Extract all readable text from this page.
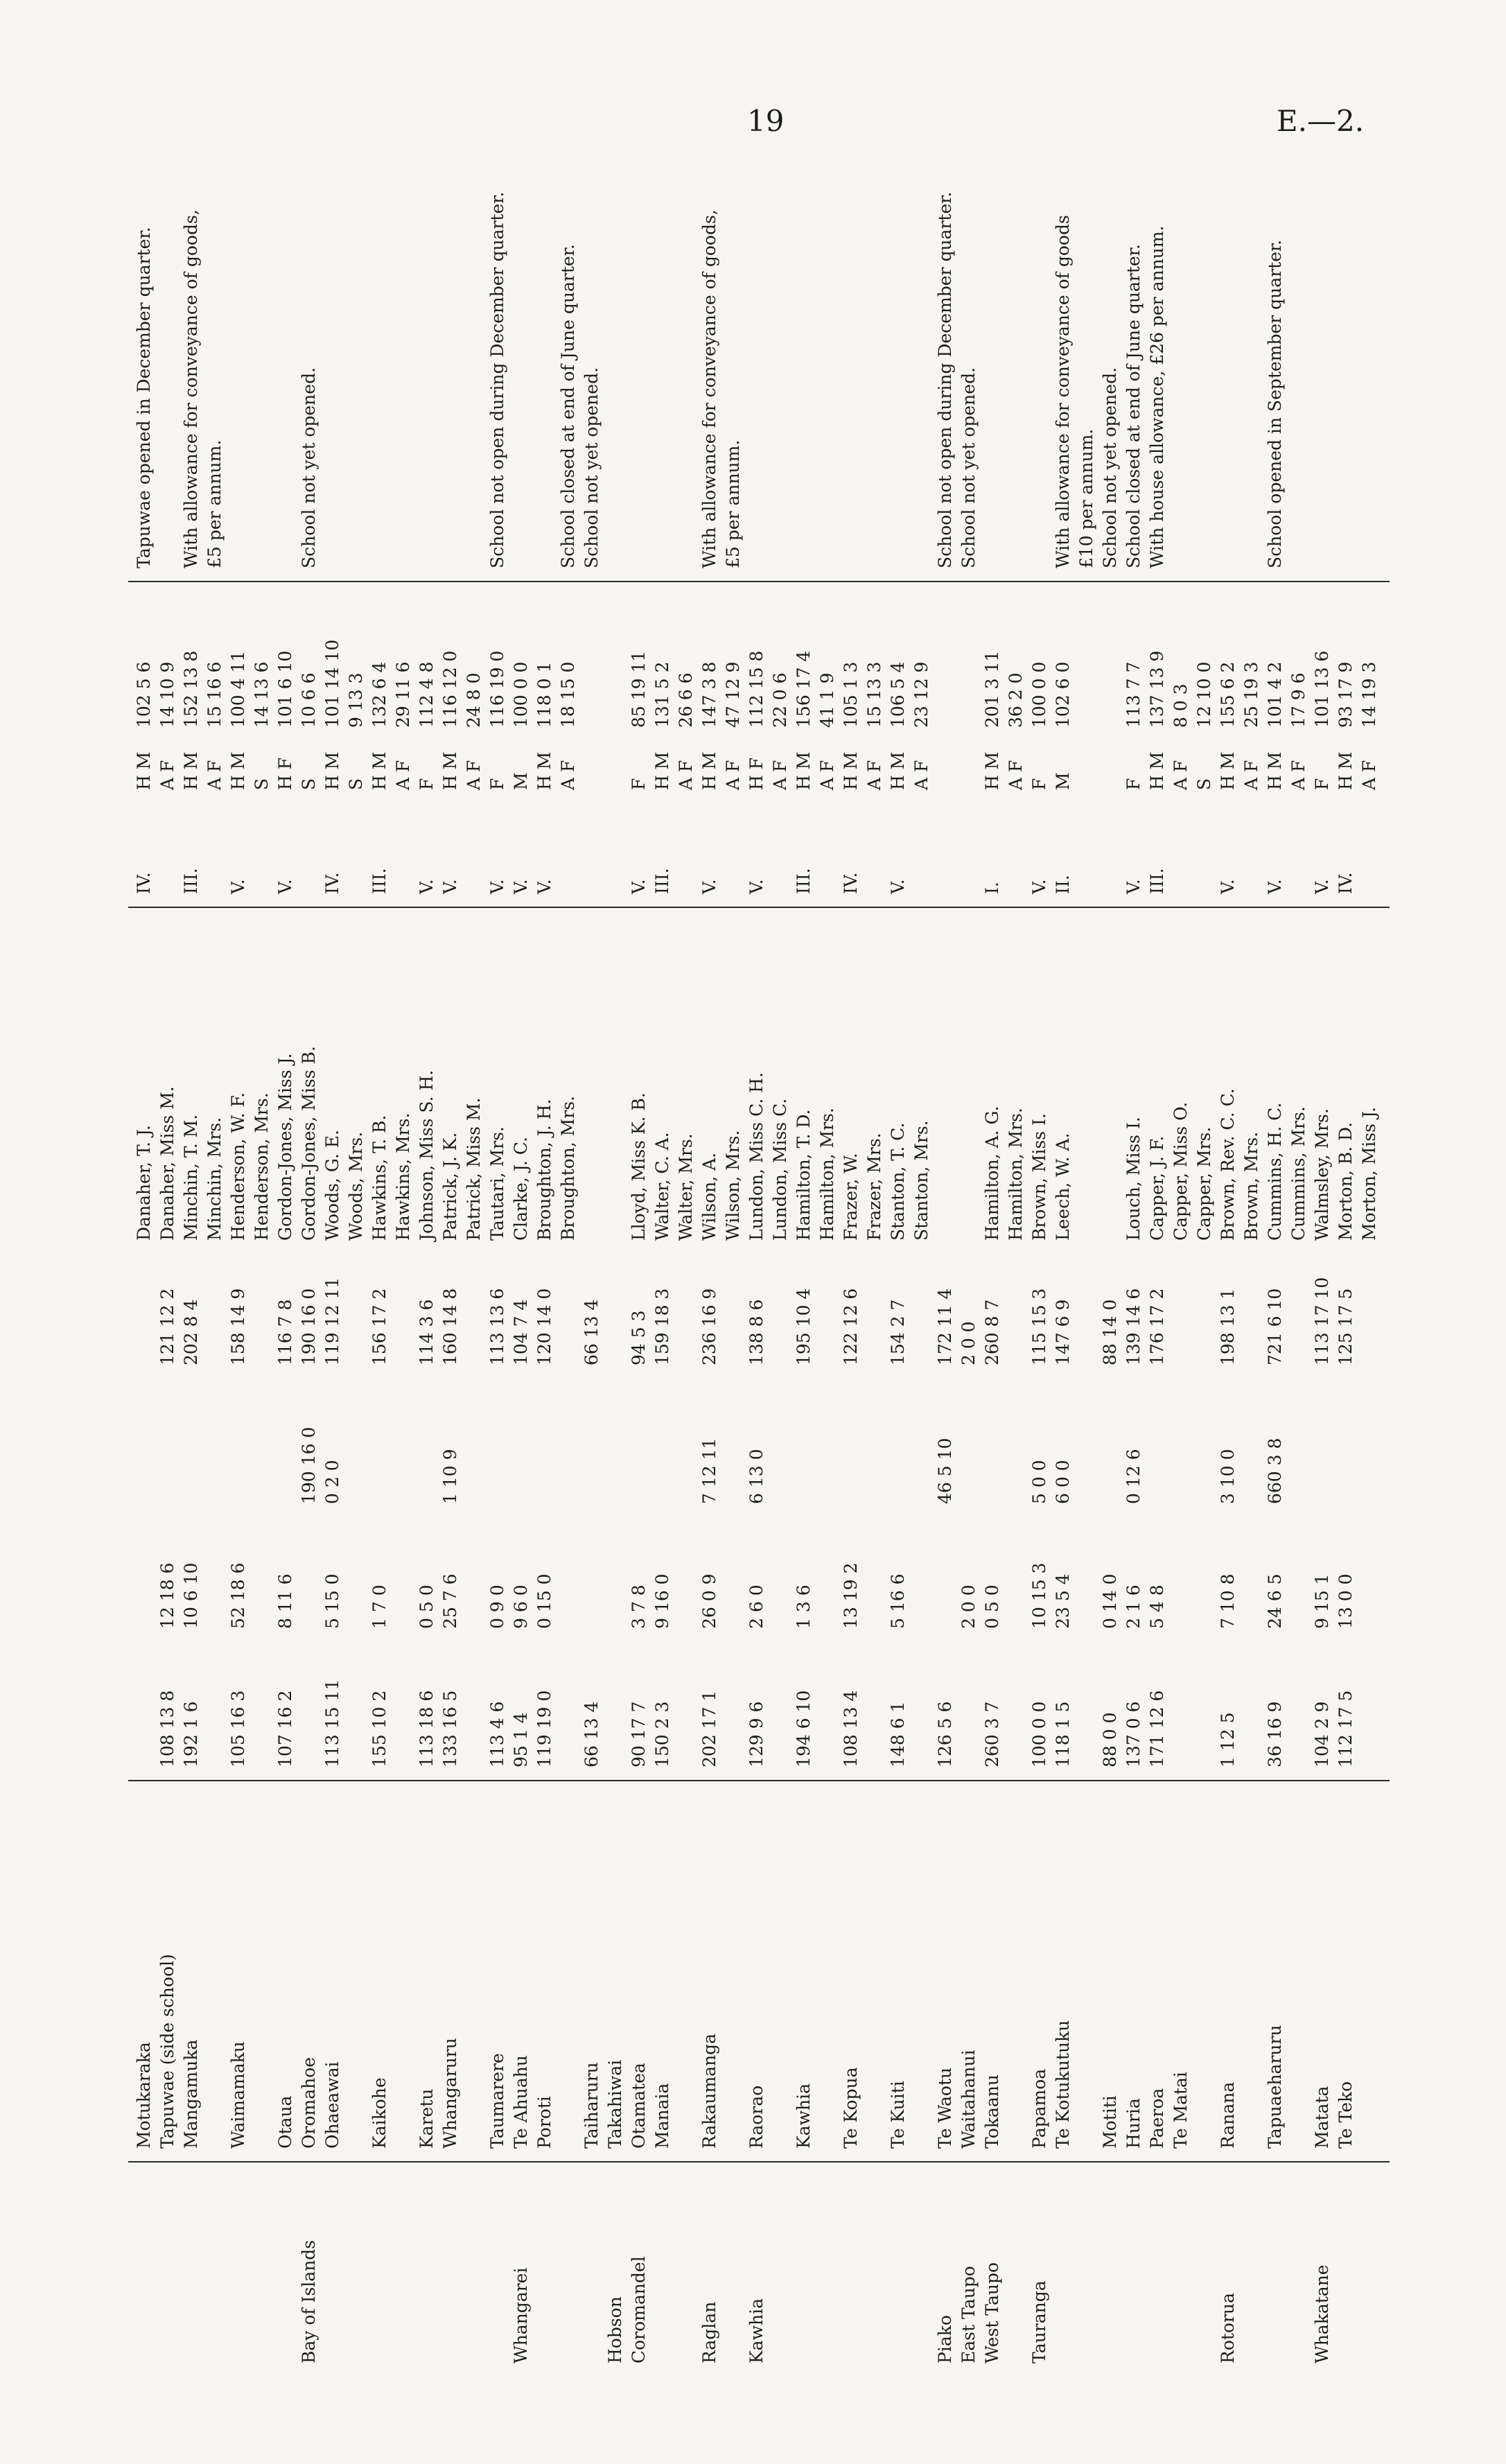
19	E.—2.
Motukaraka
Danaher, T. J.
IV.
H M
102 5 6
Tapuwae opened in December quarter.
Tapuwae (side school)
108 13 8
12 18 6
121 12 2
Danaher, Miss M.
A F
14 10 9
Mangamuka
192 1 6
10 6 10
202 8 4
Minchin, T. M.
III.
H M
152 13 8
With allowance for conveyance of goods,
Minchin, Mrs.
A F
15 16 6
£5 per annum.
Waimamaku
105 16 3
52 18 6
158 14 9
Henderson, W. F.
V.
H M
100 4 11
Henderson, Mrs.
S
14 13 6
Otaua
107 16 2
8 11 6
116 7 8
Gordon-Jones, Miss J.
V.
H F
101 6 10
Bay of Islands
Oromahoe
190 16 0
190 16 0
Gordon-Jones, Miss B.
S
10 6 6
School not yet opened.
Ohaeawai
113 15 11
5 15 0
0 2 0
119 12 11
Woods, G. E.
IV.
H M
101 14 10
Woods, Mrs.
S
9 13 3
Kaikohe
155 10 2
1 7 0
156 17 2
Hawkins, T. B.
III.
H M
132 6 4
Hawkins, Mrs.
A F
29 11 6
Karetu
113 18 6
0 5 0
114 3 6
Johnson, Miss S. H.
V.
F
112 4 8
Whangaruru
133 16 5
25 7 6
1 10 9
160 14 8
Patrick, J. K.
V.
H M
116 12 0
Patrick, Miss M.
A F
24 8 0
Taumarere
113 4 6
0 9 0
113 13 6
Tautari, Mrs.
V.
F
116 19 0
School not open during December quarter.
Whangarei
Te Ahuahu
95 1 4
9 6 0
104 7 4
Clarke, J. C.
V.
M
100 0 0
Poroti
119 19 0
0 15 0
120 14 0
Broughton, J. H.
V.
H M
118 0 1
Broughton, Mrs.
A F
18 15 0
School closed at end of June quarter.
Taiharuru
66 13 4
66 13 4
School not yet opened.
Hobson
Takahiwai
Coromandel
Otamatea
90 17 7
3 7 8
94 5 3
Lloyd, Miss K. B.
V.
F
85 19 11
Manaia
150 2 3
9 16 0
159 18 3
Walter, C. A.
III.
H M
131 5 2
Walter, Mrs.
A F
26 6 6
Raglan
Rakaumanga
202 17 1
26 0 9
7 12 11
236 16 9
Wilson, A.
V.
H M
147 3 8
With allowance for conveyance of goods,
Wilson, Mrs.
A F
47 12 9
£5 per annum.
Kawhia
Raorao
129 9 6
2 6 0
6 13 0
138 8 6
Lundon, Miss C. H.
V.
H F
112 15 8
Lundon, Miss C.
A F
22 0 6
Kawhia
194 6 10
1 3 6
195 10 4
Hamilton, T. D.
III.
H M
156 17 4
Hamilton, Mrs.
A F
41 1 9
Te Kopua
108 13 4
13 19 2
122 12 6
Frazer, W.
IV.
H M
105 1 3
Frazer, Mrs.
A F
15 13 3
Te Kuiti
148 6 1
5 16 6
154 2 7
Stanton, T. C.
V.
H M
106 5 4
Stanton, Mrs.
A F
23 12 9
Piako
Te Waotu
126 5 6
46 5 10
172 11 4
School not open during December quarter.
East Taupo
Waitahanui
2 0 0
2 0 0
School not yet opened.
West Taupo
Tokaanu
260 3 7
0 5 0
260 8 7
Hamilton, A. G.
I.
H M
201 3 11
Hamilton, Mrs.
A F
36 2 0
Tauranga
Papamoa
100 0 0
10 15 3
5 0 0
115 15 3
Brown, Miss I.
V.
F
100 0 0
Te Kotukutuku
118 1 5
23 5 4
6 0 0
147 6 9
Leech, W. A.
II.
M
102 6 0
With allowance for conveyance of goods £10 per annum.
Motiti
88 0 0
0 14 0
88 14 0
School not yet opened.
Huria
137 0 6
2 1 6
0 12 6
139 14 6
Louch, Miss I.
V.
F
113 7 7
School closed at end of June quarter.
Paeroa
171 12 6
5 4 8
176 17 2
Capper, J. F.
III.
H M
137 13 9
With house allowance, £26 per annum.
Te Matai
Capper, Miss O.
A F
8 0 3
Capper, Mrs.
S
12 10 0
Rotorua
Ranana
1 12 5
7 10 8
3 10 0
198 13 1
Brown, Rev. C. C.
V.
H M
155 6 2
Brown, Mrs.
A F
25 19 3
Tapuaeharuru
36 16 9
24 6 5
660 3 8
721 6 10
Cummins, H. C.
V.
H M
101 4 2
School opened in September quarter.
Cummins, Mrs.
A F
17 9 6
Whakatane
Matata
104 2 9
9 15 1
113 17 10
Walmsley, Mrs.
V.
F
101 13 6
Te Teko
112 17 5
13 0 0
125 17 5
Morton, B. D.
IV.
H M
93 17 9
Morton, Miss J.
A F
14 19 3
